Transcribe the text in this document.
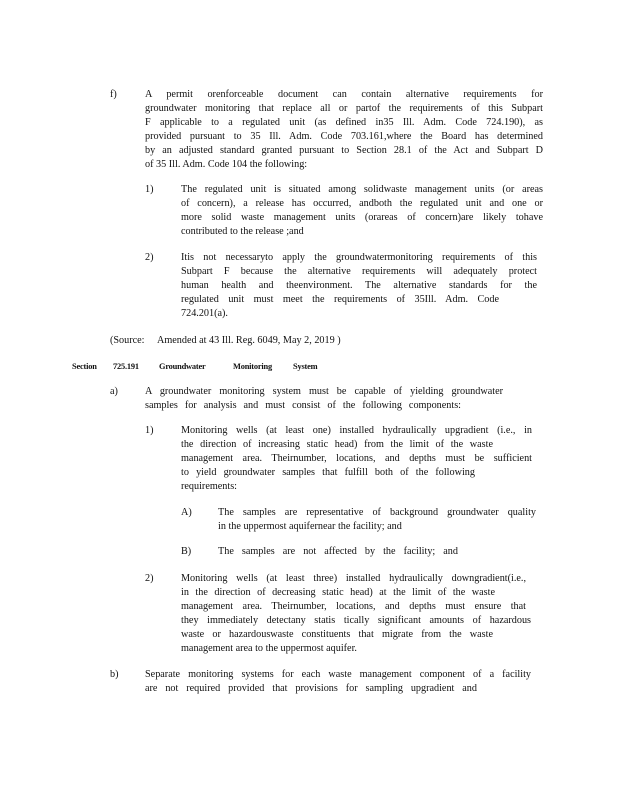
f)	A permit orenforceable document can contain alternative requirements for
groundwater monitoring that replace all or partof the requirements of this Subpart
F applicable to a regulated unit (as defined in35 Ill. Adm. Code 724.190), as
provided pursuant to 35 Ill. Adm. Code 703.161,where the Board has determined
by an adjusted standard granted pursuant to Section 28.1 of the Act and Subpart D
of 35 Ill. Adm. Code 104 the following:
1)	The regulated unit is situated among solidwaste management units (or areas
of concern), a release has occurred, andboth the regulated unit and one or
more solid waste management units (orareas of concern)are likely tohave
contributed to the release ;and
2)	Itis not necessaryto apply the groundwatermonitoring requirements of this
Subpart F because the alternative requirements will adequately protect
human health and theenvironment. The alternative standards for the
regulated unit must meet the requirements of 35Ill. Adm. Code
724.201(a).
(Source: Amended at 43 Ill. Reg. 6049, May 2, 2019 )
Section 725.191 Groundwater	Monitoring	System
a)	A groundwater monitoring system must be capable of yielding groundwater
samples for analysis and must consist of the following components:
1)	Monitoring wells (at least one) installed hydraulically upgradient (i.e., in
the direction of increasing static head) from the limit of the waste
management area. Theirnumber, locations, and depths must be sufficient
to yield groundwater samples that fulfill both of the following
requirements:
A)	The samples are representative of background groundwater quality
in the uppermost aquifernear the facility; and
B)	The samples are not affected by the facility; and
2)	Monitoring wells (at least three) installed hydraulically downgradient(i.e.,
in the direction of decreasing static head) at the limit of the waste
management area. Theirnumber, locations, and depths must ensure that
they immediately detectany statis tically significant amounts of hazardous
waste or hazardouswaste constituents that migrate from the waste
management area to the uppermost aquifer.
b)	Separate monitoring systems for each waste management component of a facility
are not required provided that provisions for sampling upgradient and
